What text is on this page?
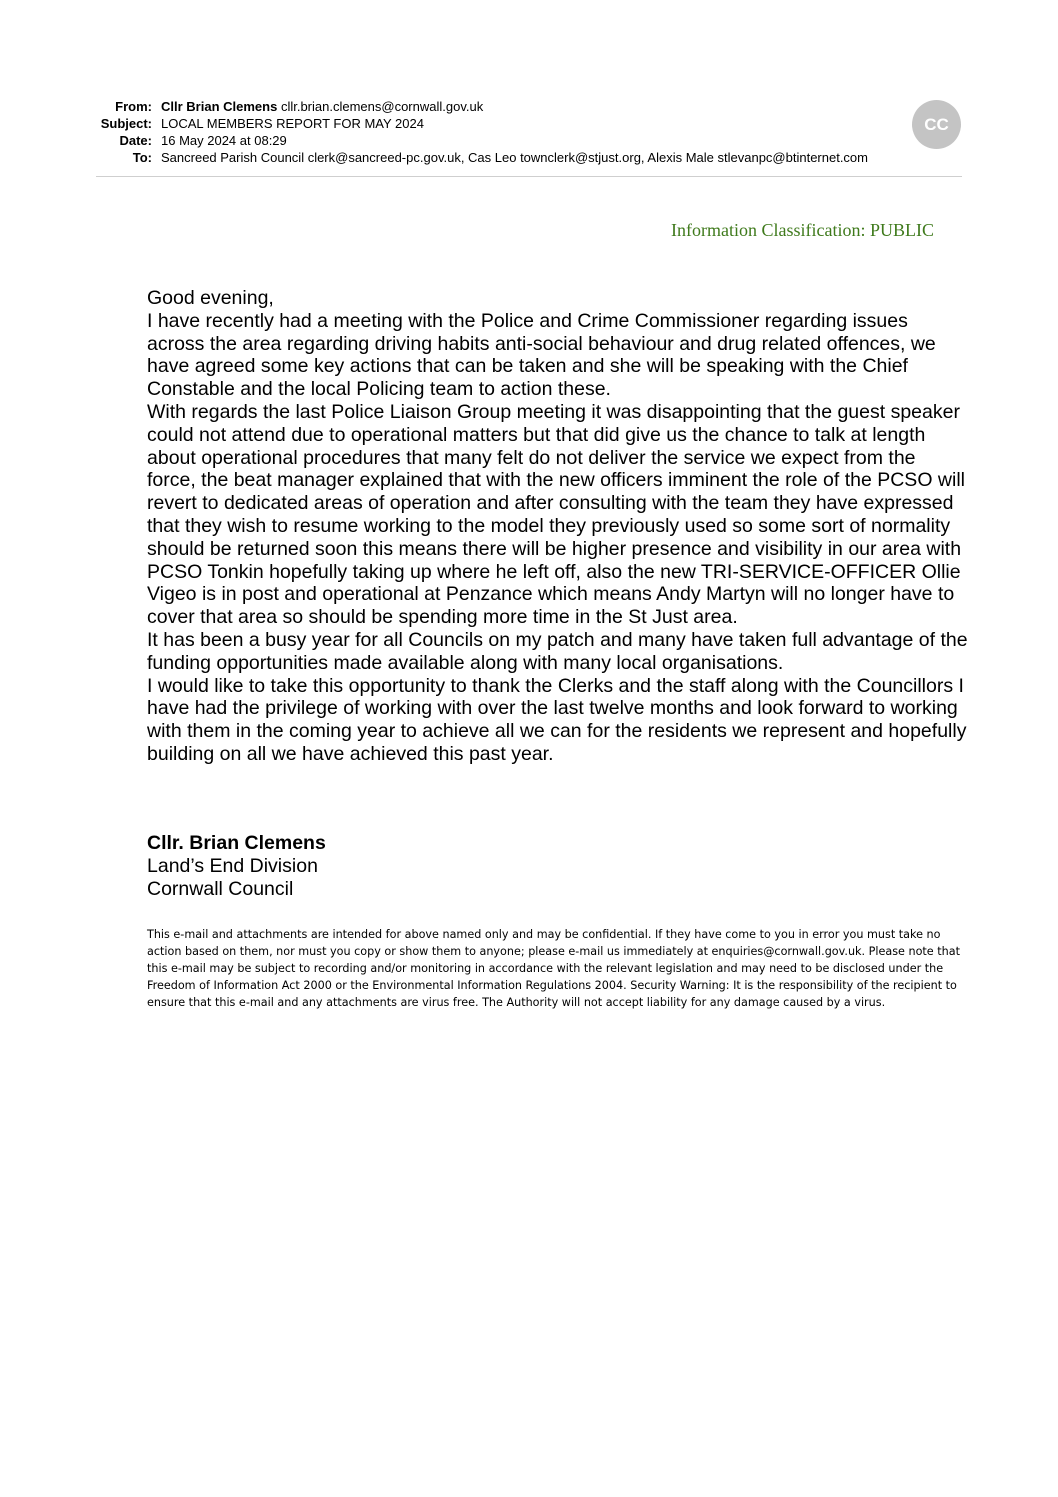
From: Cllr Brian Clemens cllr.brian.clemens@cornwall.gov.uk
Subject: LOCAL MEMBERS REPORT FOR MAY 2024
Date: 16 May 2024 at 08:29
To: Sancreed Parish Council clerk@sancreed-pc.gov.uk, Cas Leo townclerk@stjust.org, Alexis Male stlevanpc@btinternet.com
CC
Information Classification: PUBLIC

Good evening,

I have recently had a meeting with the Police and Crime Commissioner regarding issues across the area regarding driving habits anti-social behaviour and drug related offences, we have agreed some key actions that can be taken and she will be speaking with the Chief Constable and the local Policing team to action these.

With regards the last Police Liaison Group meeting it was disappointing that the guest speaker could not attend due to operational matters but that did give us the chance to talk at length about operational procedures that many felt do not deliver the service we expect from the force, the beat manager explained that with the new officers imminent the role of the PCSO will revert to dedicated areas of operation and after consulting with the team they have expressed that they wish to resume working to the model they previously used so some sort of normality should be returned soon this means there will be higher presence and visibility in our area with PCSO Tonkin hopefully taking up where he left off, also the new TRI-SERVICE-OFFICER Ollie Vigeo is in post and operational at Penzance which means Andy Martyn will no longer have to cover that area so should be spending more time in the St Just area.

It has been a busy year for all Councils on my patch and many have taken full advantage of the funding opportunities made available along with many local organisations.

I would like to take this opportunity to thank the Clerks and the staff along with the Councillors I have had the privilege of working with over the last twelve months and look forward to working with them in the coming year to achieve all we can for the residents we represent and hopefully building on all we have achieved this past year.

Cllr. Brian Clemens
Land’s End Division
Cornwall Council
This e-mail and attachments are intended for above named only and may be confidential. If they have come to you in error you must take no action based on them, nor must you copy or show them to anyone; please e-mail us immediately at enquiries@cornwall.gov.uk. Please note that this e-mail may be subject to recording and/or monitoring in accordance with the relevant legislation and may need to be disclosed under the Freedom of Information Act 2000 or the Environmental Information Regulations 2004. Security Warning: It is the responsibility of the recipient to ensure that this e-mail and any attachments are virus free. The Authority will not accept liability for any damage caused by a virus.
